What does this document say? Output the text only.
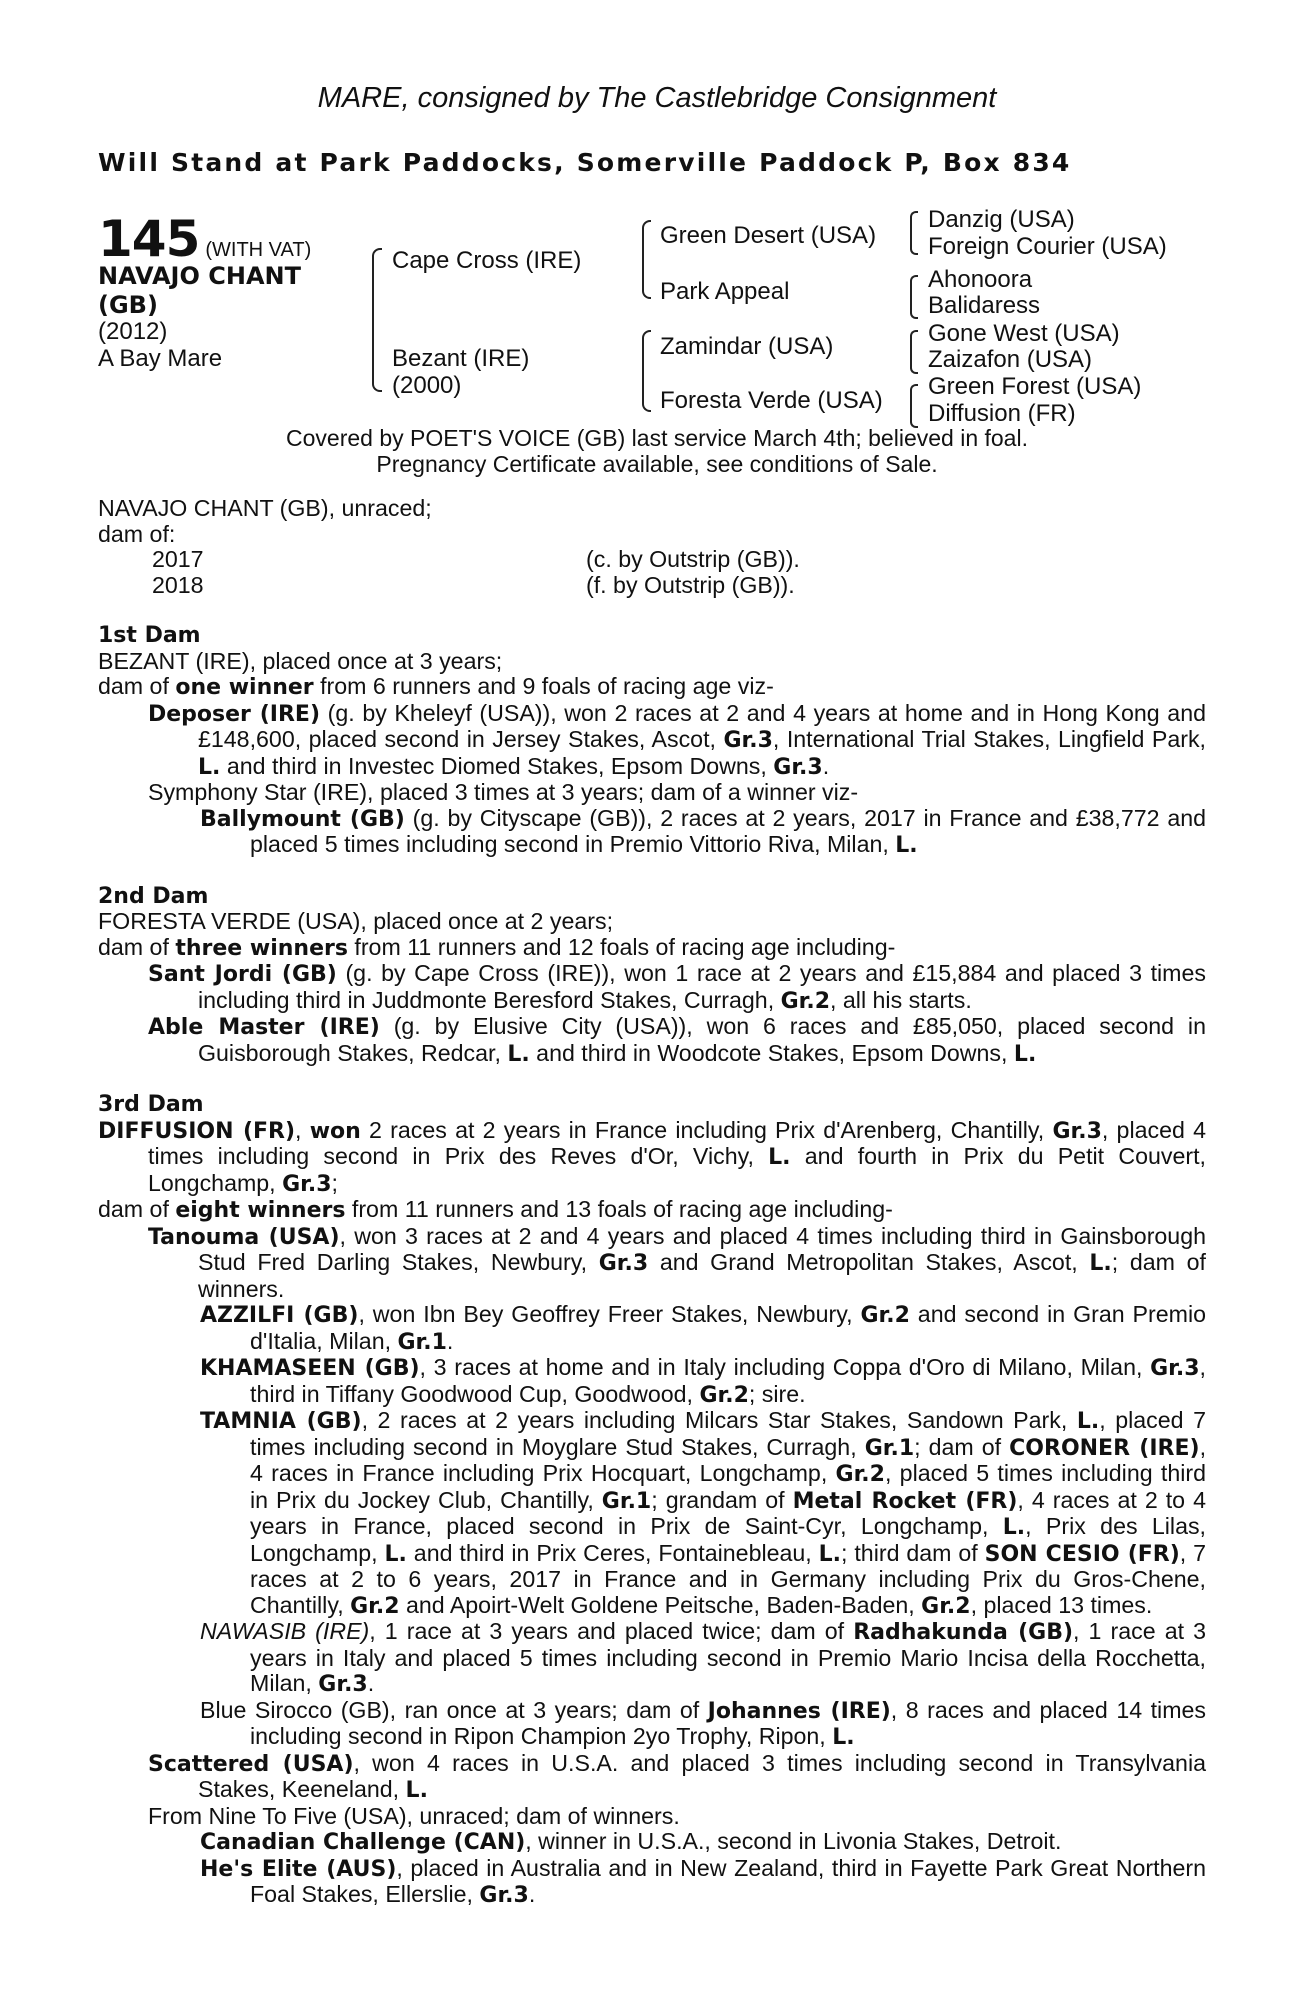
MARE, consigned by The Castlebridge Consignment
Will Stand at Park Paddocks, Somerville Paddock P, Box 834
145 (WITH VAT)
NAVAJO CHANT
(GB)
(2012)
A Bay Mare
Cape Cross (IRE)
Bezant (IRE)
(2000)
Green Desert (USA)
Park Appeal
Zamindar (USA)
Foresta Verde (USA)
Danzig (USA)
Foreign Courier (USA)
Ahonoora
Balidaress
Gone West (USA)
Zaizafon (USA)
Green Forest (USA)
Diffusion (FR)
Covered by POET'S VOICE (GB) last service March 4th; believed in foal.
Pregnancy Certificate available, see conditions of Sale.

NAVAJO CHANT (GB), unraced;

dam of:

2017	(c. by Outstrip (GB)).
2018	(f. by Outstrip (GB)).

1st Dam

BEZANT (IRE), placed once at 3 years;

dam of one winner from 6 runners and 9 foals of racing age viz-

Deposer (IRE) (g. by Kheleyf (USA)), won 2 races at 2 and 4 years at home and in Hong Kong and £148,600, placed second in Jersey Stakes, Ascot, Gr.3, International Trial Stakes, Lingfield Park, L. and third in Investec Diomed Stakes, Epsom Downs, Gr.3.

Symphony Star (IRE), placed 3 times at 3 years; dam of a winner viz-

Ballymount (GB) (g. by Cityscape (GB)), 2 races at 2 years, 2017 in France and £38,772 and placed 5 times including second in Premio Vittorio Riva, Milan, L.

2nd Dam

FORESTA VERDE (USA), placed once at 2 years;

dam of three winners from 11 runners and 12 foals of racing age including-

Sant Jordi (GB) (g. by Cape Cross (IRE)), won 1 race at 2 years and £15,884 and placed 3 times including third in Juddmonte Beresford Stakes, Curragh, Gr.2, all his starts.

Able Master (IRE) (g. by Elusive City (USA)), won 6 races and £85,050, placed second in Guisborough Stakes, Redcar, L. and third in Woodcote Stakes, Epsom Downs, L.

3rd Dam

DIFFUSION (FR), won 2 races at 2 years in France including Prix d'Arenberg, Chantilly, Gr.3, placed 4 times including second in Prix des Reves d'Or, Vichy, L. and fourth in Prix du Petit Couvert, Longchamp, Gr.3;

dam of eight winners from 11 runners and 13 foals of racing age including-

Tanouma (USA), won 3 races at 2 and 4 years and placed 4 times including third in Gainsborough Stud Fred Darling Stakes, Newbury, Gr.3 and Grand Metropolitan Stakes, Ascot, L.; dam of winners.

AZZILFI (GB), won Ibn Bey Geoffrey Freer Stakes, Newbury, Gr.2 and second in Gran Premio d'Italia, Milan, Gr.1.

KHAMASEEN (GB), 3 races at home and in Italy including Coppa d'Oro di Milano, Milan, Gr.3, third in Tiffany Goodwood Cup, Goodwood, Gr.2; sire.

TAMNIA (GB), 2 races at 2 years including Milcars Star Stakes, Sandown Park, L., placed 7 times including second in Moyglare Stud Stakes, Curragh, Gr.1; dam of CORONER (IRE), 4 races in France including Prix Hocquart, Longchamp, Gr.2, placed 5 times including third in Prix du Jockey Club, Chantilly, Gr.1; grandam of Metal Rocket (FR), 4 races at 2 to 4 years in France, placed second in Prix de Saint-Cyr, Longchamp, L., Prix des Lilas, Longchamp, L. and third in Prix Ceres, Fontainebleau, L.; third dam of SON CESIO (FR), 7 races at 2 to 6 years, 2017 in France and in Germany including Prix du Gros-Chene, Chantilly, Gr.2 and Apoirt-Welt Goldene Peitsche, Baden-Baden, Gr.2, placed 13 times.

NAWASIB (IRE), 1 race at 3 years and placed twice; dam of Radhakunda (GB), 1 race at 3 years in Italy and placed 5 times including second in Premio Mario Incisa della Rocchetta, Milan, Gr.3.

Blue Sirocco (GB), ran once at 3 years; dam of Johannes (IRE), 8 races and placed 14 times including second in Ripon Champion 2yo Trophy, Ripon, L.

Scattered (USA), won 4 races in U.S.A. and placed 3 times including second in Transylvania Stakes, Keeneland, L.

From Nine To Five (USA), unraced; dam of winners.

Canadian Challenge (CAN), winner in U.S.A., second in Livonia Stakes, Detroit.

He's Elite (AUS), placed in Australia and in New Zealand, third in Fayette Park Great Northern Foal Stakes, Ellerslie, Gr.3.
